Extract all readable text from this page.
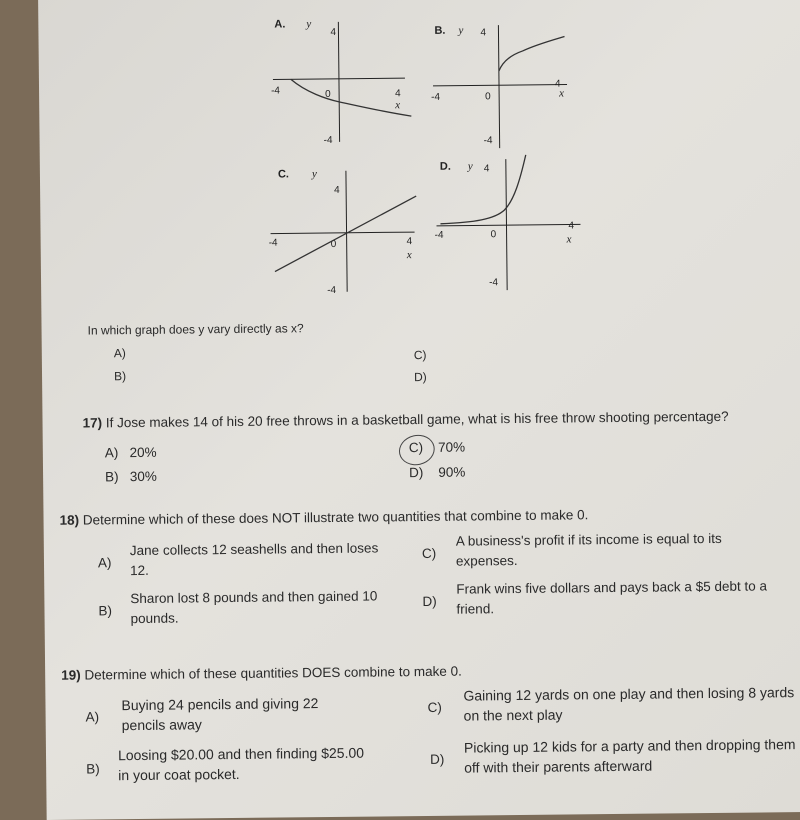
A. y
4
-4
-4	4
0
x
B. y 4
-4
-4
4
0	x
C. y
4
-4
-4	4
0
x
D. y 4
-4
-4
4
0	x
In which graph does y vary directly as x?
A)
B)
C)
D)
17) If Jose makes 14 of his 20 free throws in a basketball game, what is his free throw shooting percentage?
A) 20%
B) 30%
C) 70%
D) 90%
18) Determine which of these does NOT illustrate two quantities that combine to make 0.
A)
Jane collects 12 seashells and then loses 12.
B)
Sharon lost 8 pounds and then gained 10 pounds.
C)
A business's profit if its income is equal to its expenses.
D)
Frank wins five dollars and pays back a $5 debt to a friend.
19) Determine which of these quantities DOES combine to make 0.
A)
Buying 24 pencils and giving 22 pencils away
B)
Loosing $20.00 and then finding $25.00 in your coat pocket.
C)
Gaining 12 yards on one play and then losing 8 yards on the next play
D)
Picking up 12 kids for a party and then dropping them off with their parents afterward
